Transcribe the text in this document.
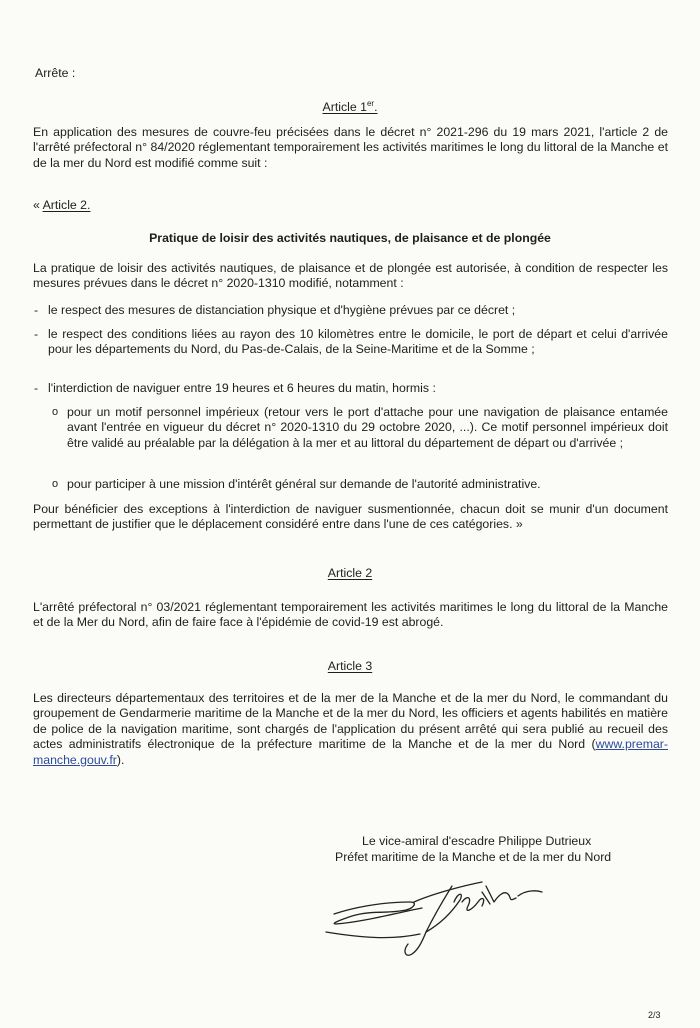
Arrête :
Article 1er.
En application des mesures de couvre-feu précisées dans le décret n° 2021-296 du 19 mars 2021, l'article 2 de l'arrêté préfectoral n° 84/2020 réglementant temporairement les activités maritimes le long du littoral de la Manche et de la mer du Nord est modifié comme suit :
« Article 2.
Pratique de loisir des activités nautiques, de plaisance et de plongée
La pratique de loisir des activités nautiques, de plaisance et de plongée est autorisée, à condition de respecter les mesures prévues dans le décret n° 2020-1310 modifié, notamment :
- le respect des mesures de distanciation physique et d'hygiène prévues par ce décret ;
- le respect des conditions liées au rayon des 10 kilomètres entre le domicile, le port de départ et celui d'arrivée pour les départements du Nord, du Pas-de-Calais, de la Seine-Maritime et de la Somme ;
- l'interdiction de naviguer entre 19 heures et 6 heures du matin, hormis :
o pour un motif personnel impérieux (retour vers le port d'attache pour une navigation de plaisance entamée avant l'entrée en vigueur du décret n° 2020-1310 du 29 octobre 2020, ...). Ce motif personnel impérieux doit être validé au préalable par la délégation à la mer et au littoral du département de départ ou d'arrivée ;
o pour participer à une mission d'intérêt général sur demande de l'autorité administrative.
Pour bénéficier des exceptions à l'interdiction de naviguer susmentionnée, chacun doit se munir d'un document permettant de justifier que le déplacement considéré entre dans l'une de ces catégories. »
Article 2
L'arrêté préfectoral n° 03/2021 réglementant temporairement les activités maritimes le long du littoral de la Manche et de la Mer du Nord, afin de faire face à l'épidémie de covid-19 est abrogé.
Article 3
Les directeurs départementaux des territoires et de la mer de la Manche et de la mer du Nord, le commandant du groupement de Gendarmerie maritime de la Manche et de la mer du Nord, les officiers et agents habilités en matière de police de la navigation maritime, sont chargés de l'application du présent arrêté qui sera publié au recueil des actes administratifs électronique de la préfecture maritime de la Manche et de la mer du Nord (www.premar-manche.gouv.fr).
Le vice-amiral d'escadre Philippe Dutrieux
Préfet maritime de la Manche et de la mer du Nord
2/3
